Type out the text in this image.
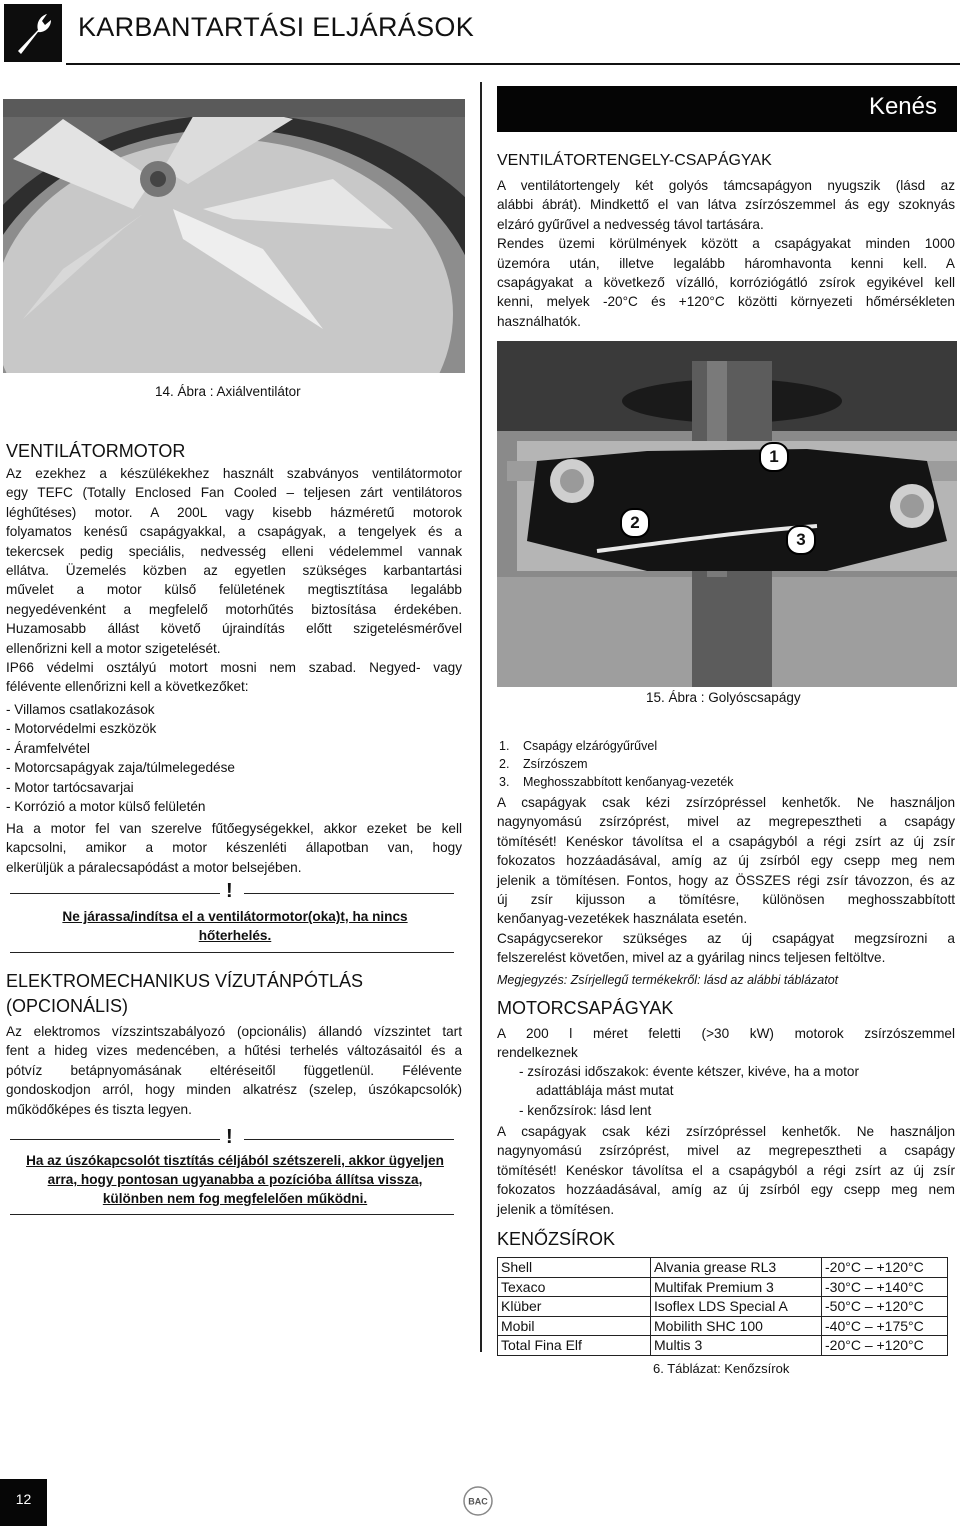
KARBANTARTÁSI ELJÁRÁSOK
14. Ábra : Axiálventilátor
Kenés
VENTILÁTORTENGELY-CSAPÁGYAK

A ventilátortengely két golyós támcsapágyon nyugszik (lásd az

alábbi ábrát). Mindkettő el van látva zsírzószemmel ás egy szoknyás

elzáró gyűrűvel a nedvesség távol tartására.

Rendes üzemi körülmények között a csapágyakat minden 1000

üzemóra után, illetve legalább háromhavonta kenni kell. A

csapágyakat a következő vízálló, korróziógátló zsírok egyikével kell

kenni, melyek -20°C és +120°C közötti környezeti hőmérsékleten

használhatók.

1
2
3
15. Ábra : Golyóscsapágy
VENTILÁTORMOTOR

Az ezekhez a készülékekhez használt szabványos ventilátormotor

egy TEFC (Totally Enclosed Fan Cooled – teljesen zárt ventilátoros

léghűtéses) motor. A 200L vagy kisebb házméretű motorok

folyamatos kenésű csapágyakkal, a csapágyak, a tengelyek és a

tekercsek pedig speciális, nedvesség elleni védelemmel vannak

ellátva. Üzemelés közben az egyetlen szükséges karbantartási

művelet a motor külső felületének megtisztítása legalább

negyedévenként a megfelelő motorhűtés biztosítása érdekében.

Huzamosabb állást követő újraindítás előtt szigetelésmérővel

ellenőrizni kell a motor szigetelését.

IP66 védelmi osztályú motort mosni nem szabad. Negyed- vagy

félévente ellenőrizni kell a következőket:

- Villamos csatlakozások
- Motorvédelmi eszközök
- Áramfelvétel
- Motorcsapágyak zaja/túlmelegedése
- Motor tartócsavarjai
- Korrózió a motor külső felületén

Ha a motor fel van szerelve fűtőegységekkel, akkor ezeket be kell

kapcsolni, amikor a motor készenléti állapotban van, hogy

elkerüljük a páralecsapódást a motor belsejében.

!
Ne járassa/indítsa el a ventilátormotor(oka)t, ha nincs
hőterhelés.
ELEKTROMECHANIKUS VÍZUTÁNPÓTLÁS
(OPCIONÁLIS)

Az elektromos vízszintszabályozó (opcionális) állandó vízszintet tart

fent a hideg vizes medencében, a hűtési terhelés változásaitól és a

pótvíz betápnyomásának eltéréseitől függetlenül. Félévente

gondoskodjon arról, hogy minden alkatrész (szelep, úszókapcsolók)

működőképes és tiszta legyen.

!
Ha az úszókapcsolót tisztítás céljából szétszereli, akkor ügyeljen
arra, hogy pontosan ugyanabba a pozícióba állítsa vissza,
különben nem fog megfelelően működni.
1. Csapágy elzárógyűrűvel
2. Zsírzószem
3. Meghosszabbított kenőanyag-vezeték

A csapágyak csak kézi zsírzópréssel kenhetők. Ne használjon

nagynyomású zsírzóprést, mivel az megrepesztheti a csapágy

tömítését! Kenéskor távolítsa el a csapágyból a régi zsírt az új zsír

fokozatos hozzáadásával, amíg az új zsírból egy csepp meg nem

jelenik a tömítésen. Fontos, hogy az ÖSSZES régi zsír távozzon, és az

új zsír kijusson a tömítésre, különösen meghosszabbított

kenőanyag-vezetékek használata esetén.

Csapágycserekor szükséges az új csapágyat megzsírozni a

felszerelést követően, mivel az a gyárilag nincs teljesen feltöltve.

Megjegyzés: Zsírjellegű termékekről: lásd az alábbi táblázatot
MOTORCSAPÁGYAK

A 200 l méret feletti (>30 kW) motorok zsírzószemmel

rendelkeznek

- zsírozási időszakok: évente kétszer, kivéve, ha a motor
adattáblája mást mutat
- kenőzsírok: lásd lent

A csapágyak csak kézi zsírzópréssel kenhetők. Ne használjon

nagynyomású zsírzóprést, mivel az megrepesztheti a csapágy

tömítését! Kenéskor távolítsa el a csapágyból a régi zsírt az új zsír

fokozatos hozzáadásával, amíg az új zsírból egy csepp meg nem

jelenik a tömítésen.

KENŐZSÍROK
Shell	Alvania grease RL3	-20°C – +120°C
Texaco	Multifak Premium 3	-30°C – +140°C
Klüber	Isoflex LDS Special A	-50°C – +120°C
Mobil	Mobilith SHC 100	-40°C – +175°C
Total Fina Elf	Multis 3	-20°C – +120°C
6. Táblázat: Kenőzsírok
12	BAC
